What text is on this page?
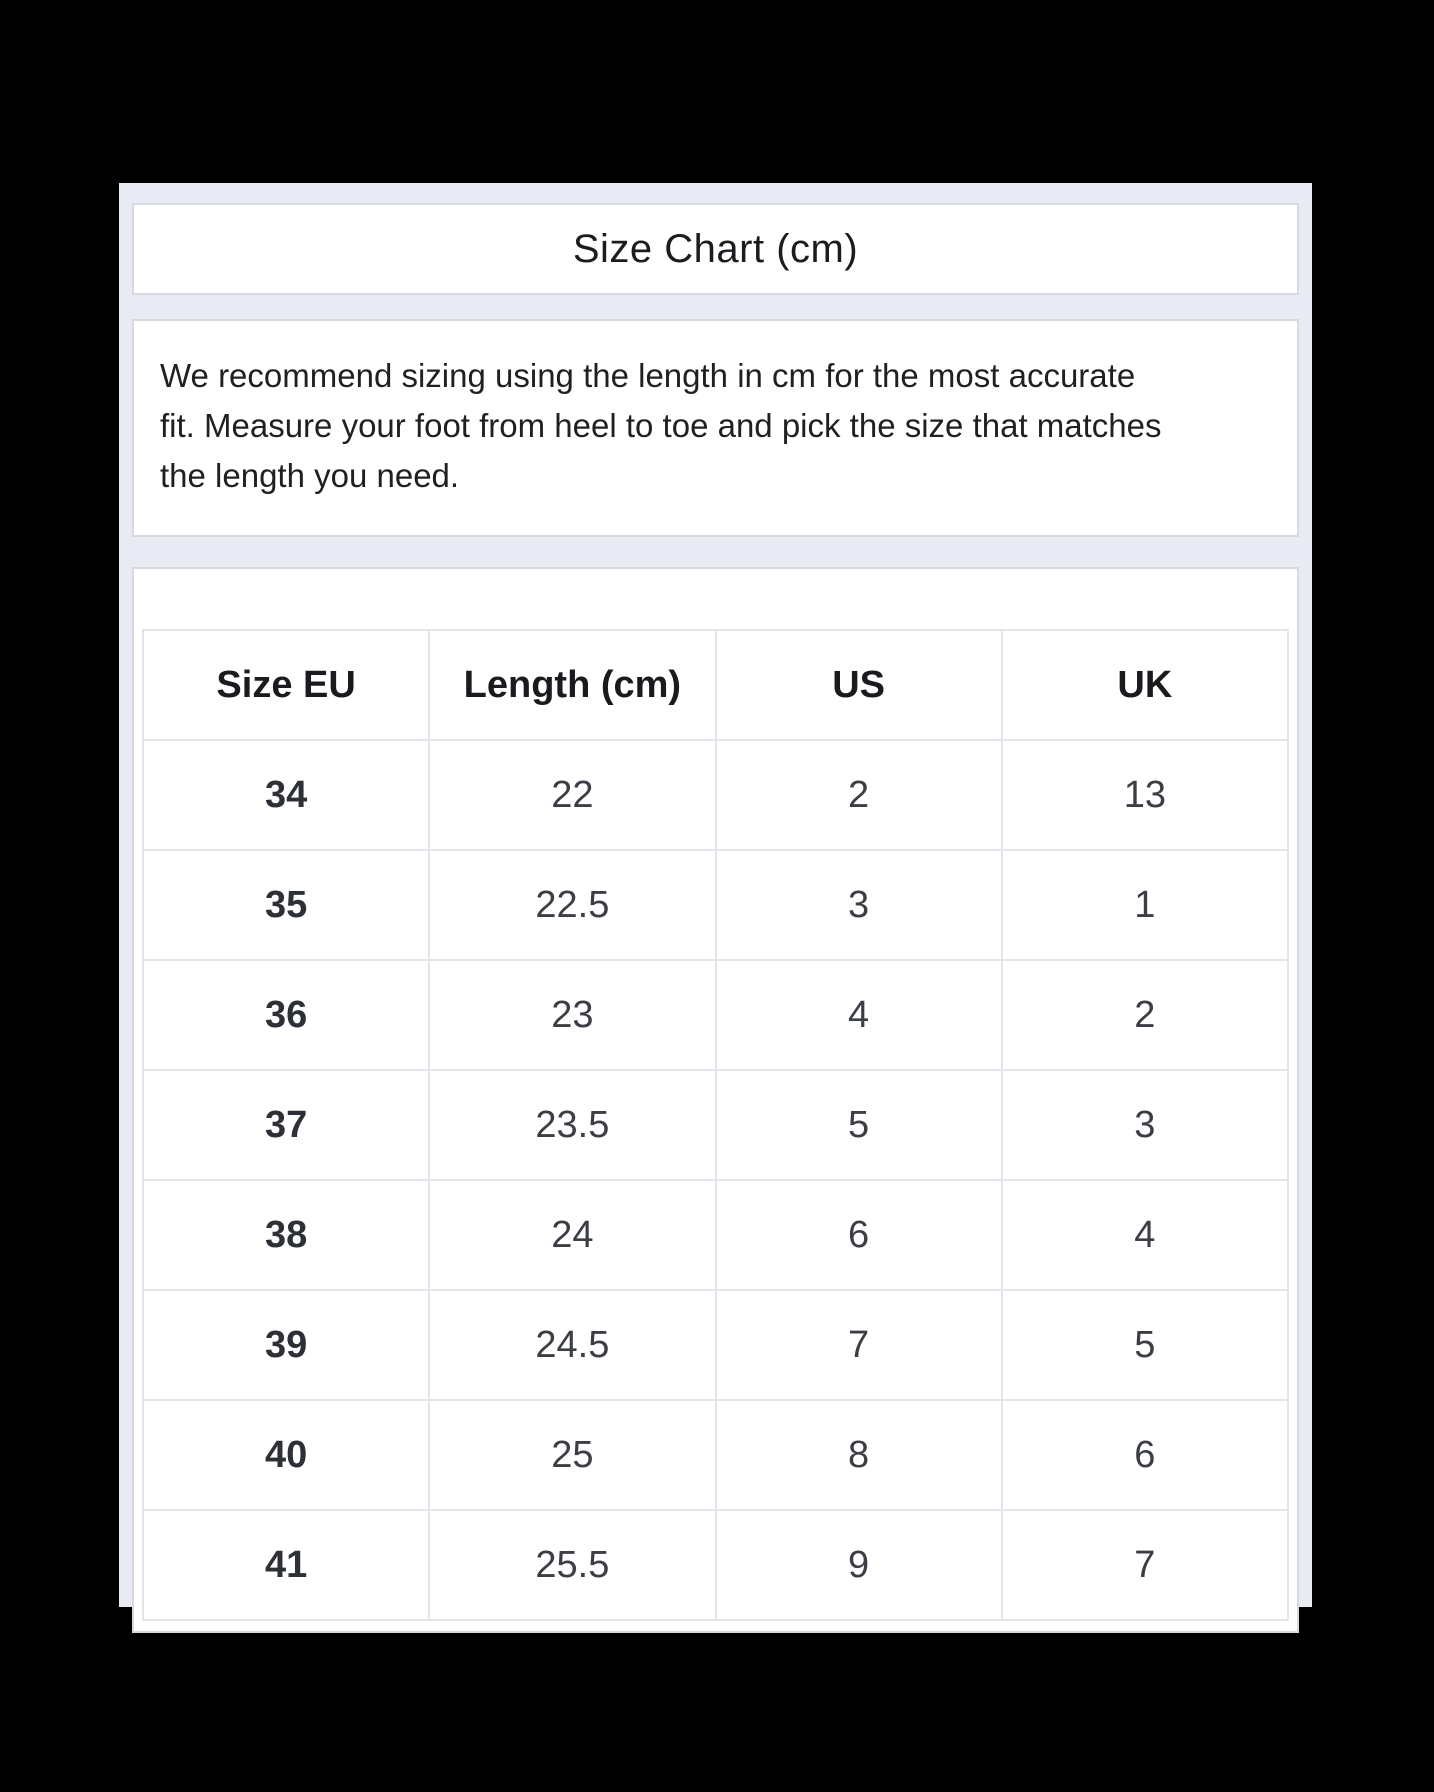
Size Chart (cm)
We recommend sizing using the length in cm for the most accurate
fit. Measure your foot from heel to toe and pick the size that matches
the length you need.
Size EU	Length (cm)	US	UK
34	22	2	13
35	22.5	3	1
36	23	4	2
37	23.5	5	3
38	24	6	4
39	24.5	7	5
40	25	8	6
41	25.5	9	7
